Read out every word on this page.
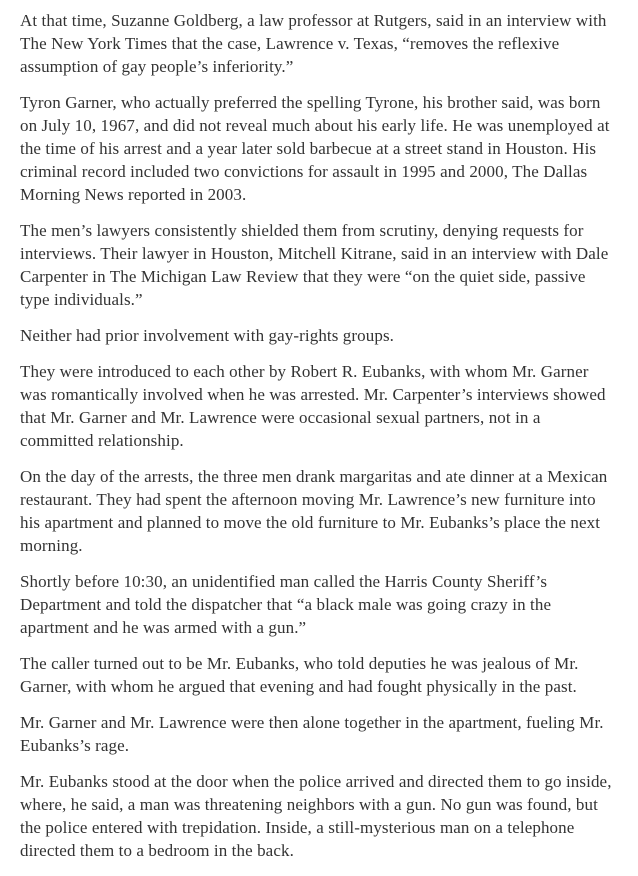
At that time, Suzanne Goldberg, a law professor at Rutgers, said in an interview with The New York Times that the case, Lawrence v. Texas, “removes the reflexive assumption of gay people’s inferiority.”

Tyron Garner, who actually preferred the spelling Tyrone, his brother said, was born on July 10, 1967, and did not reveal much about his early life. He was unemployed at the time of his arrest and a year later sold barbecue at a street stand in Houston. His criminal record included two convictions for assault in 1995 and 2000, The Dallas Morning News reported in 2003.

The men’s lawyers consistently shielded them from scrutiny, denying requests for interviews. Their lawyer in Houston, Mitchell Kitrane, said in an interview with Dale Carpenter in The Michigan Law Review that they were “on the quiet side, passive type individuals.”

Neither had prior involvement with gay-rights groups.

They were introduced to each other by Robert R. Eubanks, with whom Mr. Garner was romantically involved when he was arrested. Mr. Carpenter’s interviews showed that Mr. Garner and Mr. Lawrence were occasional sexual partners, not in a committed relationship.

On the day of the arrests, the three men drank margaritas and ate dinner at a Mexican restaurant. They had spent the afternoon moving Mr. Lawrence’s new furniture into his apartment and planned to move the old furniture to Mr. Eubanks’s place the next morning.

Shortly before 10:30, an unidentified man called the Harris County Sheriff’s Department and told the dispatcher that “a black male was going crazy in the apartment and he was armed with a gun.”

The caller turned out to be Mr. Eubanks, who told deputies he was jealous of Mr. Garner, with whom he argued that evening and had fought physically in the past.

Mr. Garner and Mr. Lawrence were then alone together in the apartment, fueling Mr. Eubanks’s rage.

Mr. Eubanks stood at the door when the police arrived and directed them to go inside, where, he said, a man was threatening neighbors with a gun. No gun was found, but the police entered with trepidation. Inside, a still-mysterious man on a telephone directed them to a bedroom in the back.
